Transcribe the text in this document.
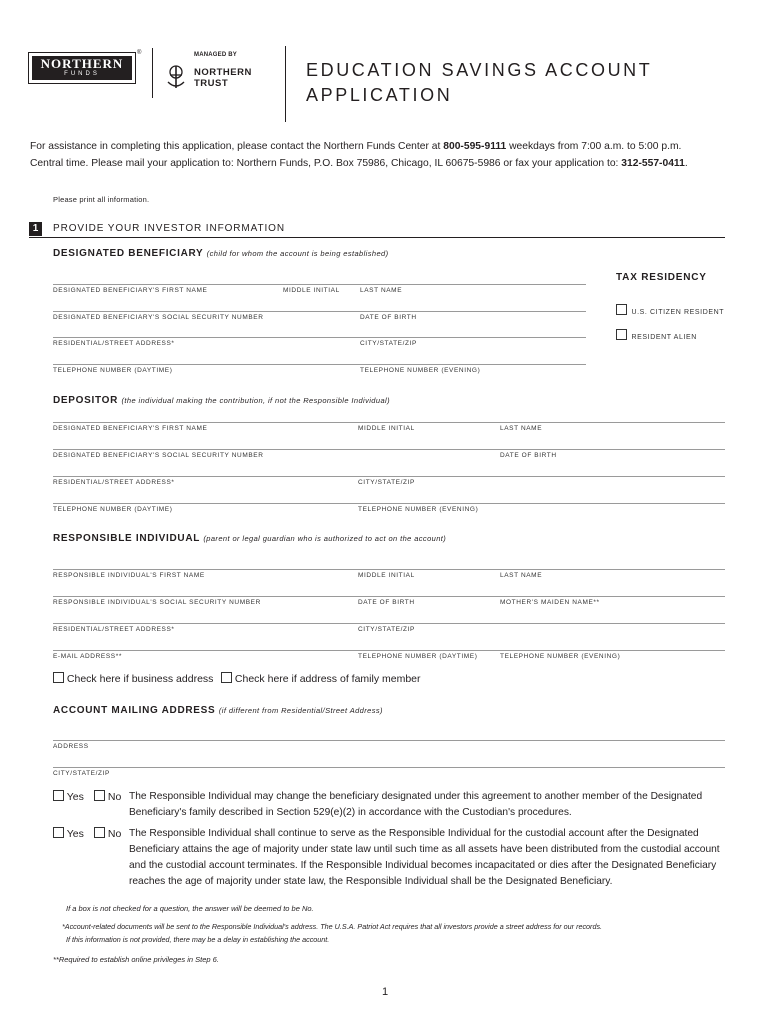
NORTHERN
FUNDS
®	MANAGED BY
NORTHERN
TRUST
EDUCATION SAVINGS ACCOUNT
APPLICATION
For assistance in completing this application, please contact the Northern Funds Center at 800-595-9111 weekdays from 7:00 a.m. to 5:00 p.m.
Central time. Please mail your application to: Northern Funds, P.O. Box 75986, Chicago, IL 60675-5986 or fax your application to: 312-557-0411.
Please print all information.
1	PROVIDE YOUR INVESTOR INFORMATION
DESIGNATED BENEFICIARY (child for whom the account is being established)
DESIGNATED BENEFICIARY'S FIRST NAME	MIDDLE INITIAL	LAST NAME
DESIGNATED BENEFICIARY'S SOCIAL SECURITY NUMBER	DATE OF BIRTH
RESIDENTIAL/STREET ADDRESS*	CITY/STATE/ZIP
TELEPHONE NUMBER (DAYTIME)	TELEPHONE NUMBER (EVENING)
TAX RESIDENCY
U.S. CITIZEN RESIDENT
RESIDENT ALIEN
DEPOSITOR (the individual making the contribution, if not the Responsible Individual)
DESIGNATED BENEFICIARY'S FIRST NAME	MIDDLE INITIAL	LAST NAME
DESIGNATED BENEFICIARY'S SOCIAL SECURITY NUMBER	DATE OF BIRTH
RESIDENTIAL/STREET ADDRESS*	CITY/STATE/ZIP
TELEPHONE NUMBER (DAYTIME)	TELEPHONE NUMBER (EVENING)
RESPONSIBLE INDIVIDUAL (parent or legal guardian who is authorized to act on the account)
RESPONSIBLE INDIVIDUAL'S FIRST NAME	MIDDLE INITIAL	LAST NAME
RESPONSIBLE INDIVIDUAL'S SOCIAL SECURITY NUMBER	DATE OF BIRTH	MOTHER'S MAIDEN NAME**
RESIDENTIAL/STREET ADDRESS*	CITY/STATE/ZIP
E-MAIL ADDRESS**	TELEPHONE NUMBER (DAYTIME)	TELEPHONE NUMBER (EVENING)
Check here if business address	Check here if address of family member
ACCOUNT MAILING ADDRESS (if different from Residential/Street Address)
ADDRESS
CITY/STATE/ZIP
Yes	No The Responsible Individual may change the beneficiary designated under this agreement to another member of the Designated Beneficiary's family described in Section 529(e)(2) in accordance with the Custodian's procedures.
Yes	No The Responsible Individual shall continue to serve as the Responsible Individual for the custodial account after the Designated Beneficiary attains the age of majority under state law until such time as all assets have been distributed from the custodial account and the custodial account terminates. If the Responsible Individual becomes incapacitated or dies after the Designated Beneficiary reaches the age of majority under state law, the Responsible Individual shall be the Designated Beneficiary.
If a box is not checked for a question, the answer will be deemed to be No.
*Account-related documents will be sent to the Responsible Individual's address. The U.S.A. Patriot Act requires that all investors provide a street address for our records.
If this information is not provided, there may be a delay in establishing the account.
**Required to establish online privileges in Step 6.
1
